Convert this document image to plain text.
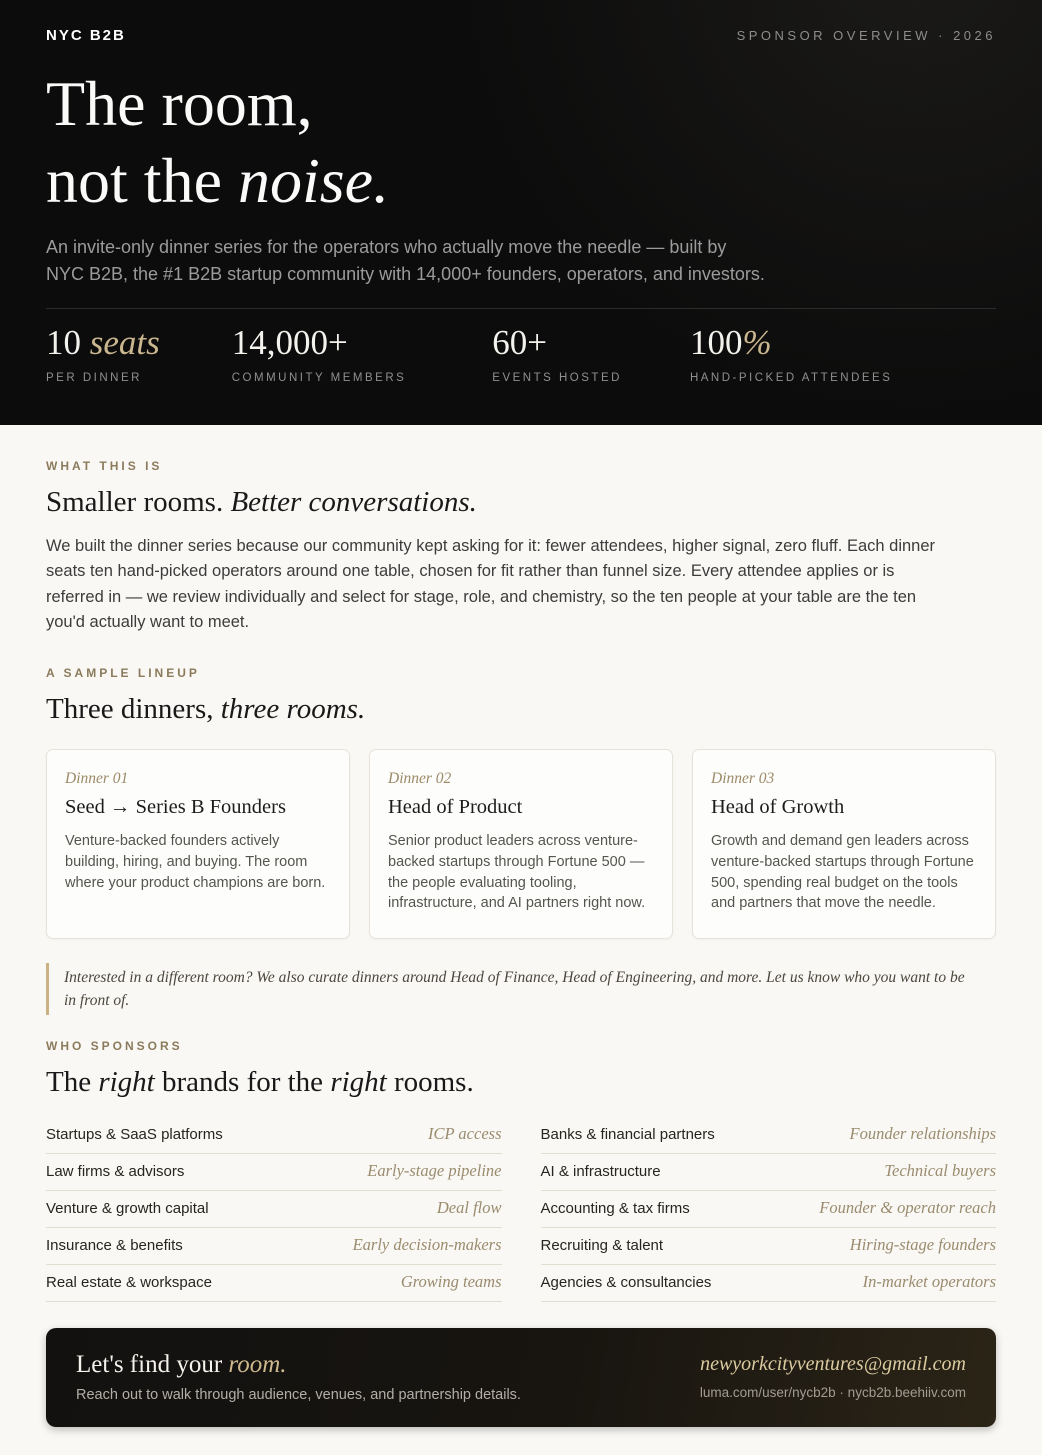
NYC B2B	SPONSOR OVERVIEW · 2026
The room,
not the noise.

An invite-only dinner series for the operators who actually move the needle — built by NYC B2B, the #1 B2B startup community with 14,000+ founders, operators, and investors.

10 seats
PER DINNER
14,000+
COMMUNITY MEMBERS
60+
EVENTS HOSTED
100%
HAND-PICKED ATTENDEES
WHAT THIS IS
Smaller rooms. Better conversations.

We built the dinner series because our community kept asking for it: fewer attendees, higher signal, zero fluff. Each dinner seats ten hand-picked operators around one table, chosen for fit rather than funnel size. Every attendee applies or is referred in — we review individually and select for stage, role, and chemistry, so the ten people at your table are the ten you'd actually want to meet.

A SAMPLE LINEUP
Three dinners, three rooms.
Dinner 01
Seed → Series B Founders
Venture-backed founders actively building, hiring, and buying. The room where your product champions are born.
Dinner 02
Head of Product
Senior product leaders across venture-backed startups through Fortune 500 — the people evaluating tooling, infrastructure, and AI partners right now.
Dinner 03
Head of Growth
Growth and demand gen leaders across venture-backed startups through Fortune 500, spending real budget on the tools and partners that move the needle.
Interested in a different room? We also curate dinners around Head of Finance, Head of Engineering, and more. Let us know who you want to be in front of.
WHO SPONSORS
The right brands for the right rooms.
Startups & SaaS platforms	ICP access
Law firms & advisors	Early-stage pipeline
Venture & growth capital	Deal flow
Insurance & benefits	Early decision-makers
Real estate & workspace	Growing teams
Banks & financial partners	Founder relationships
AI & infrastructure	Technical buyers
Accounting & tax firms	Founder & operator reach
Recruiting & talent	Hiring-stage founders
Agencies & consultancies	In-market operators
Let's find your room.
Reach out to walk through audience, venues, and partnership details.
newyorkcityventures@gmail.com
luma.com/user/nycb2b · nycb2b.beehiiv.com
